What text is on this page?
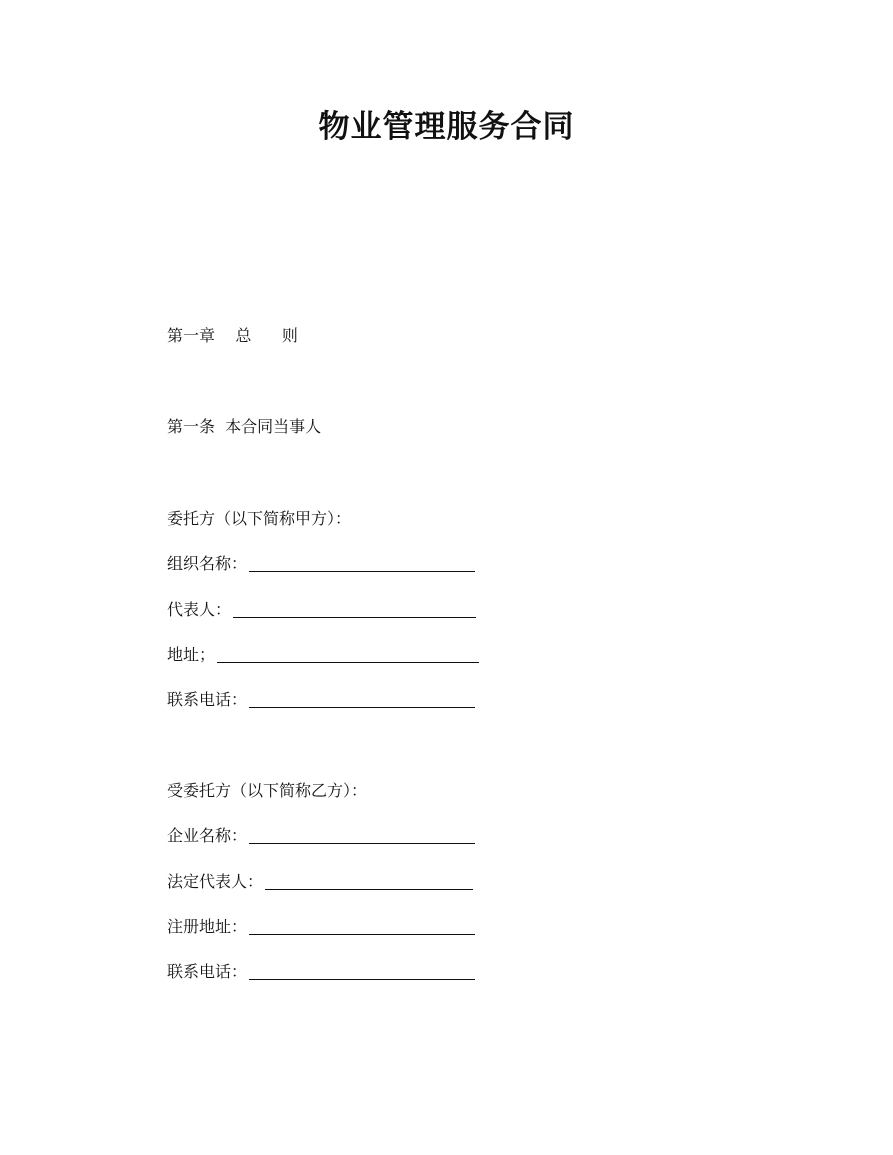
物业管理服务合同

第一章    总      则

第一条  本合同当事人

委托方（以下简称甲方）：

组织名称：
代表人：
地址；
联系电话：

受委托方（以下简称乙方）：

企业名称：
法定代表人：
注册地址：
联系电话：
